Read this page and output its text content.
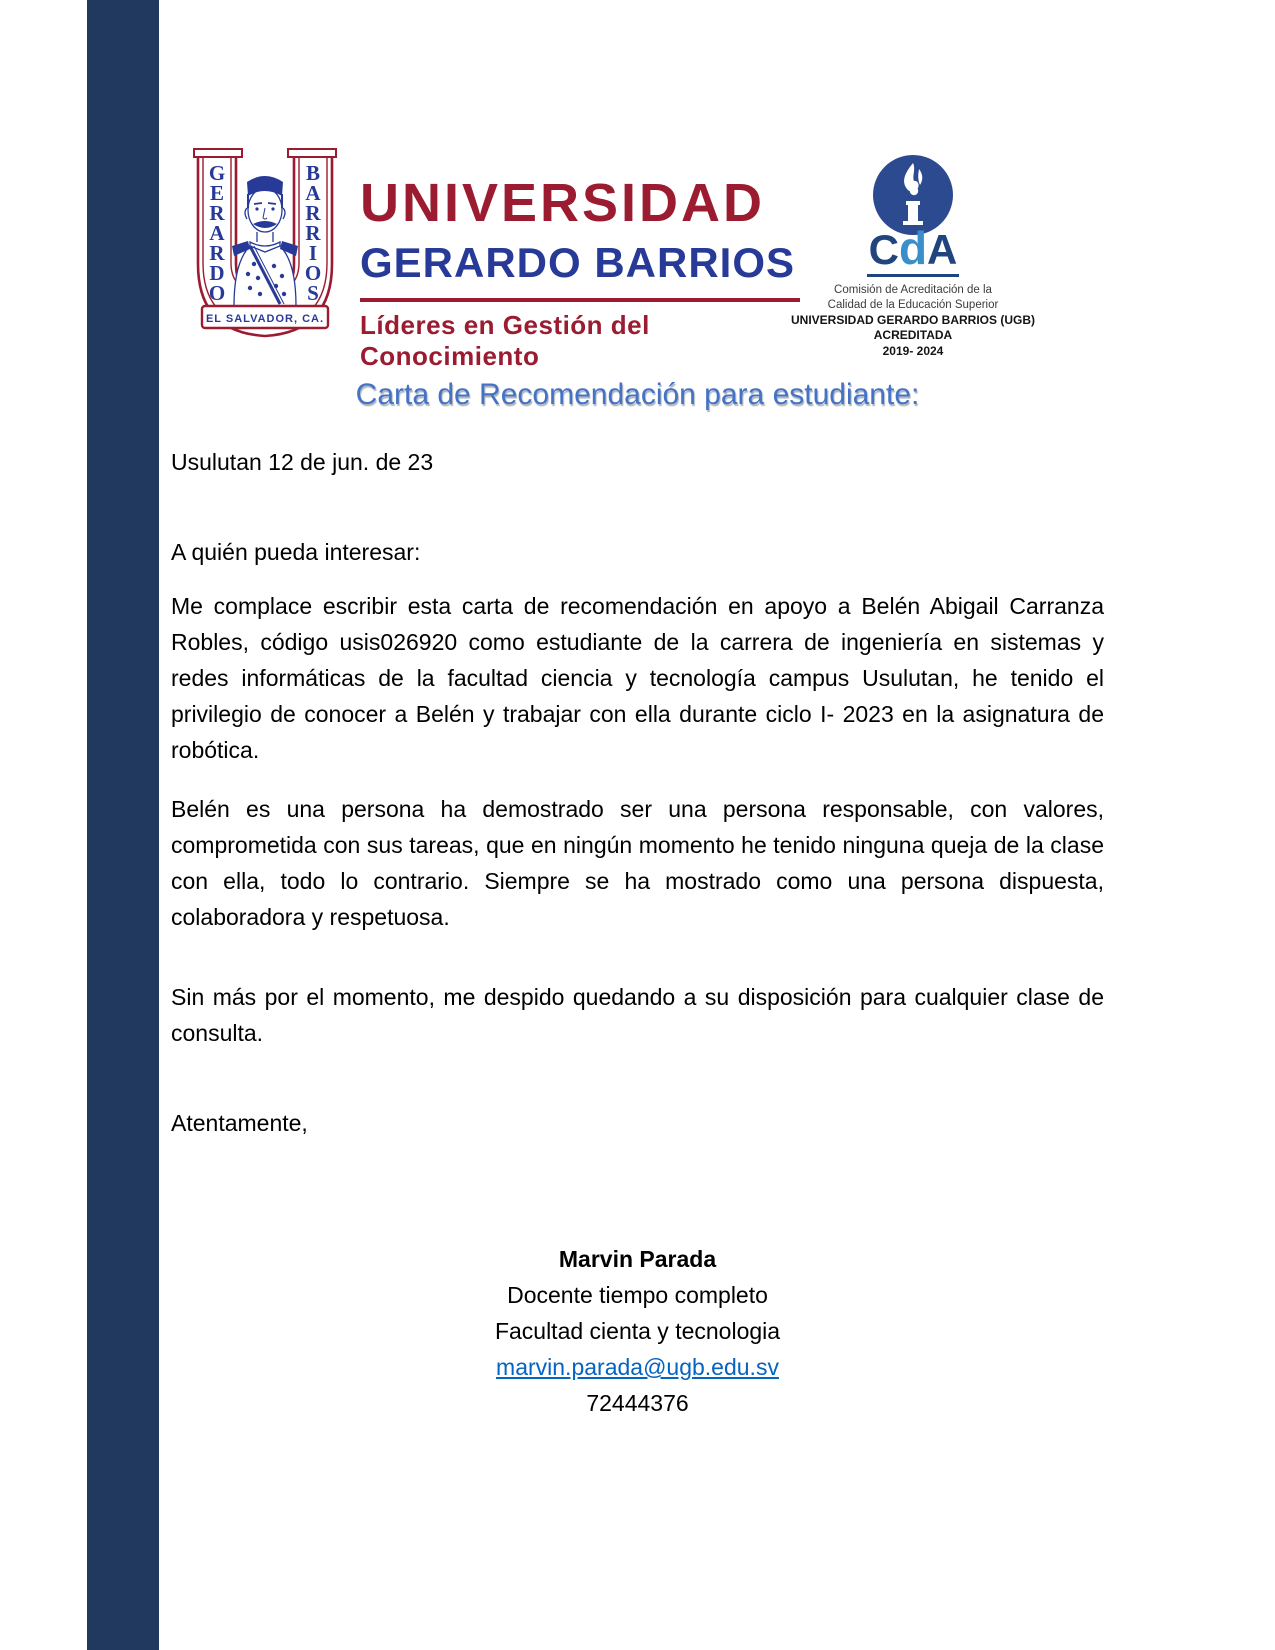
G
E
R
A
R
D
O
B
A
R
R
I
O
S
EL SALVADOR, CA.
UNIVERSIDAD
GERARDO BARRIOS
Líderes en Gestión del Conocimiento
CdA
Comisión de Acreditación de la
Calidad de la Educación Superior
UNIVERSIDAD GERARDO BARRIOS (UGB)
ACREDITADA
2019- 2024
Carta de Recomendación para estudiante:
Usulutan 12 de jun. de 23
A quién pueda interesar:

Me complace escribir esta carta de recomendación en apoyo a Belén Abigail Carranza Robles, código usis026920 como estudiante de la carrera de ingeniería en sistemas y redes informáticas de la facultad ciencia y tecnología campus Usulutan, he tenido el privilegio de conocer a Belén y trabajar con ella durante ciclo I- 2023 en la asignatura de robótica.

Belén es una persona ha demostrado ser una persona responsable, con valores, comprometida con sus tareas, que en ningún momento he tenido ninguna queja de la clase con ella, todo lo contrario. Siempre se ha mostrado como una persona dispuesta, colaboradora y respetuosa.

Sin más por el momento, me despido quedando a su disposición para cualquier clase de consulta.

Atentamente,
Marvin Parada
Docente tiempo completo
Facultad cienta y tecnologia
marvin.parada@ugb.edu.sv
72444376
